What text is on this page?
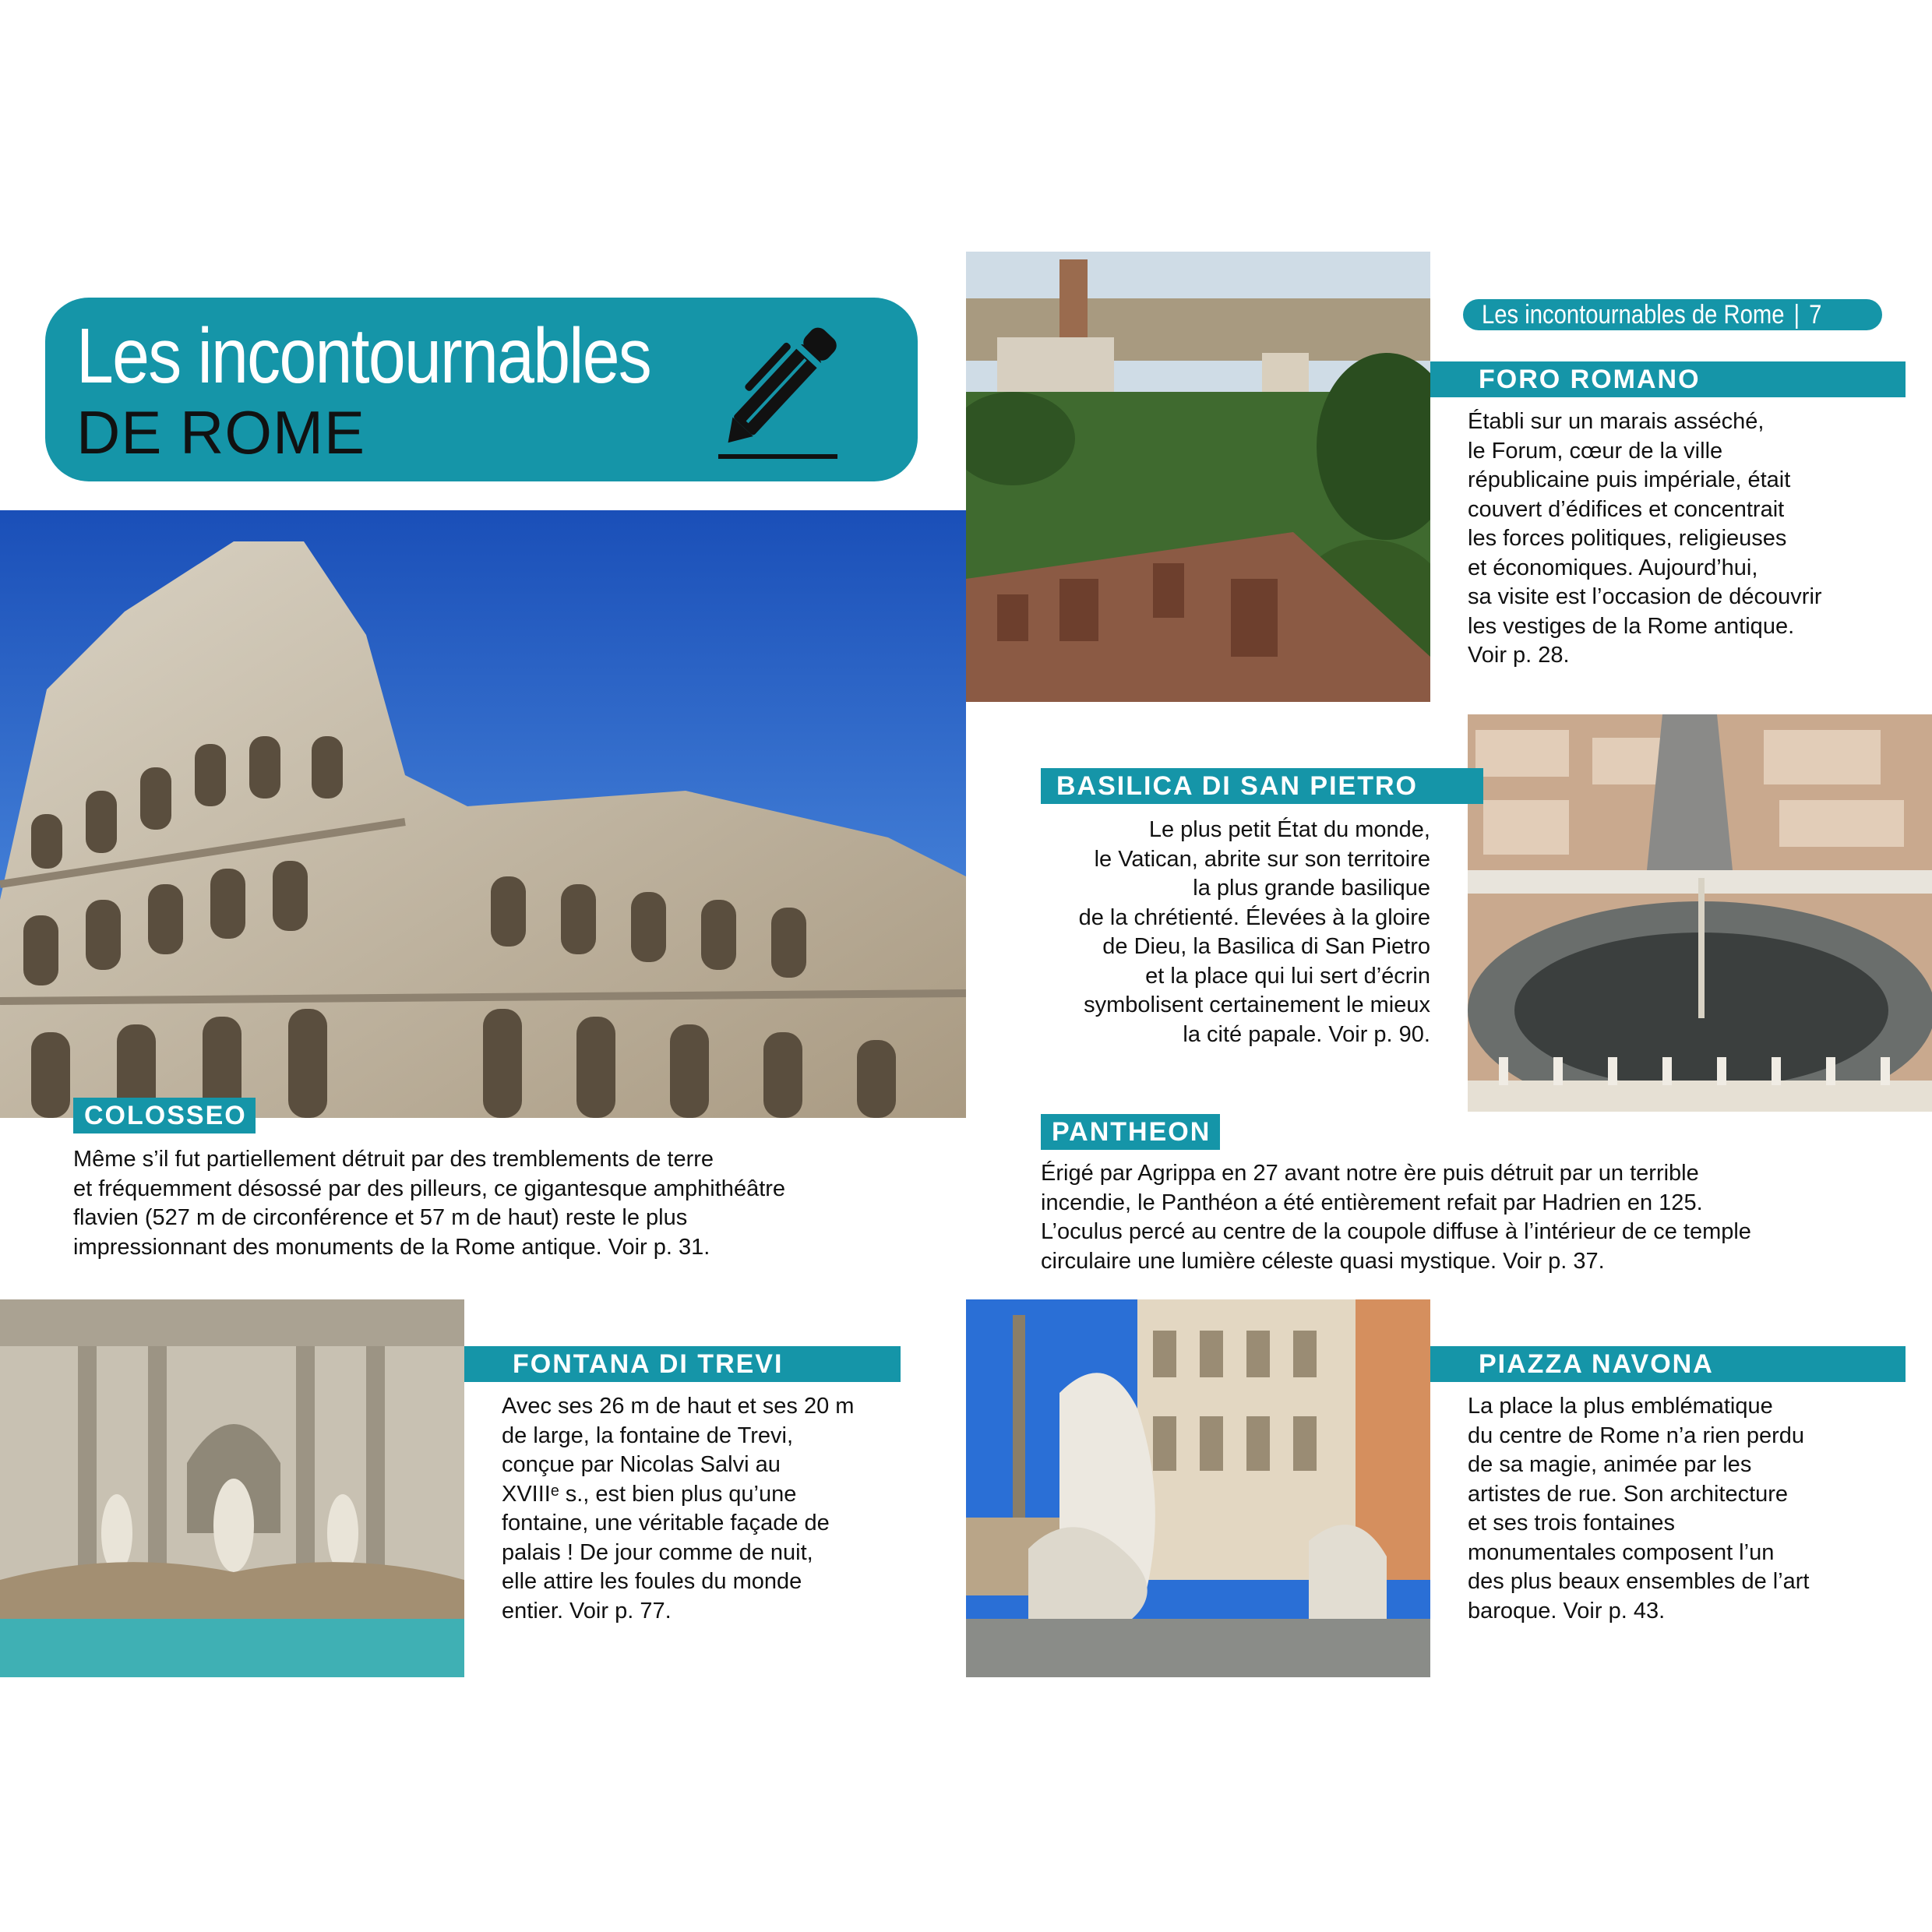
Les incontournables
DE ROME
Les incontournables de Rome | 7
COLOSSEO
Même s’il fut partiellement détruit par des tremblements de terre
et fréquemment désossé par des pilleurs, ce gigantesque amphithéâtre
flavien (527 m de circonférence et 57 m de haut) reste le plus
impressionnant des monuments de la Rome antique. Voir p. 31.
FORO ROMANO
Établi sur un marais asséché,
le Forum, cœur de la ville
républicaine puis impériale, était
couvert d’édifices et concentrait
les forces politiques, religieuses
et économiques. Aujourd’hui,
sa visite est l’occasion de découvrir
les vestiges de la Rome antique.
Voir p. 28.
BASILICA DI SAN PIETRO
Le plus petit État du monde,
le Vatican, abrite sur son territoire
la plus grande basilique
de la chrétienté. Élevées à la gloire
de Dieu, la Basilica di San Pietro
et la place qui lui sert d’écrin
symbolisent certainement le mieux
la cité papale. Voir p. 90.
PANTHEON
Érigé par Agrippa en 27 avant notre ère puis détruit par un terrible
incendie, le Panthéon a été entièrement refait par Hadrien en 125.
L’oculus percé au centre de la coupole diffuse à l’intérieur de ce temple
circulaire une lumière céleste quasi mystique. Voir p. 37.
FONTANA DI TREVI
Avec ses 26 m de haut et ses 20 m
de large, la fontaine de Trevi,
conçue par Nicolas Salvi au
XVIIIᵉ s., est bien plus qu’une
fontaine, une véritable façade de
palais ! De jour comme de nuit,
elle attire les foules du monde
entier. Voir p. 77.
PIAZZA NAVONA
La place la plus emblématique
du centre de Rome n’a rien perdu
de sa magie, animée par les
artistes de rue. Son architecture
et ses trois fontaines
monumentales composent l’un
des plus beaux ensembles de l’art
baroque. Voir p. 43.
